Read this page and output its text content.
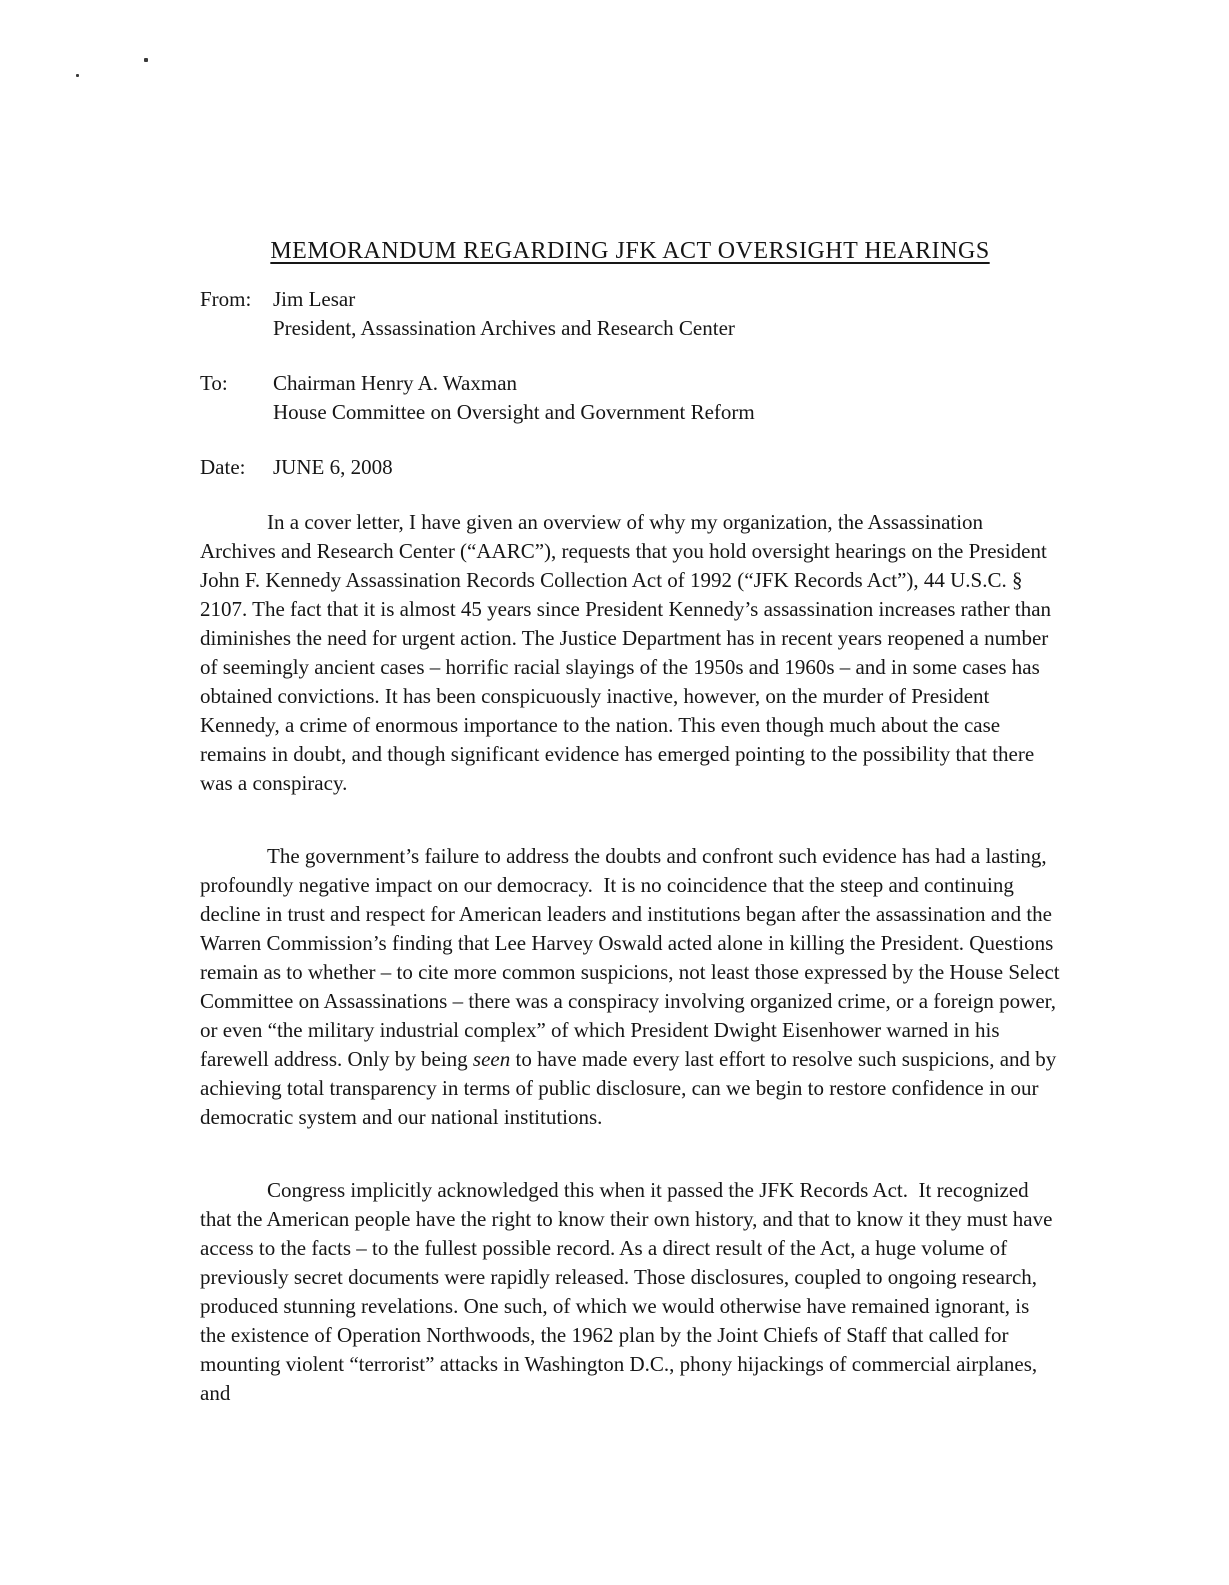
MEMORANDUM REGARDING JFK ACT OVERSIGHT HEARINGS
From:	Jim Lesar
President, Assassination Archives and Research Center
To:	Chairman Henry A. Waxman
House Committee on Oversight and Government Reform
Date:	JUNE 6, 2008

In a cover letter, I have given an overview of why my organization, the Assassination Archives and Research Center (“AARC”), requests that you hold oversight hearings on the President John F. Kennedy Assassination Records Collection Act of 1992 (“JFK Records Act”), 44 U.S.C. § 2107. The fact that it is almost 45 years since President Kennedy’s assassination increases rather than diminishes the need for urgent action. The Justice Department has in recent years reopened a number of seemingly ancient cases – horrific racial slayings of the 1950s and 1960s – and in some cases has obtained convictions. It has been conspicuously inactive, however, on the murder of President Kennedy, a crime of enormous importance to the nation. This even though much about the case remains in doubt, and though significant evidence has emerged pointing to the possibility that there was a conspiracy.

The government’s failure to address the doubts and confront such evidence has had a lasting, profoundly negative impact on our democracy.  It is no coincidence that the steep and continuing decline in trust and respect for American leaders and institutions began after the assassination and the Warren Commission’s finding that Lee Harvey Oswald acted alone in killing the President. Questions remain as to whether – to cite more common suspicions, not least those expressed by the House Select Committee on Assassinations – there was a conspiracy involving organized crime, or a foreign power, or even “the military industrial complex” of which President Dwight Eisenhower warned in his farewell address. Only by being seen to have made every last effort to resolve such suspicions, and by achieving total transparency in terms of public disclosure, can we begin to restore confidence in our democratic system and our national institutions.

Congress implicitly acknowledged this when it passed the JFK Records Act.  It recognized that the American people have the right to know their own history, and that to know it they must have access to the facts – to the fullest possible record. As a direct result of the Act, a huge volume of previously secret documents were rapidly released. Those disclosures, coupled to ongoing research, produced stunning revelations. One such, of which we would otherwise have remained ignorant, is the existence of Operation Northwoods, the 1962 plan by the Joint Chiefs of Staff that called for mounting violent “terrorist” attacks in Washington D.C., phony hijackings of commercial airplanes, and
